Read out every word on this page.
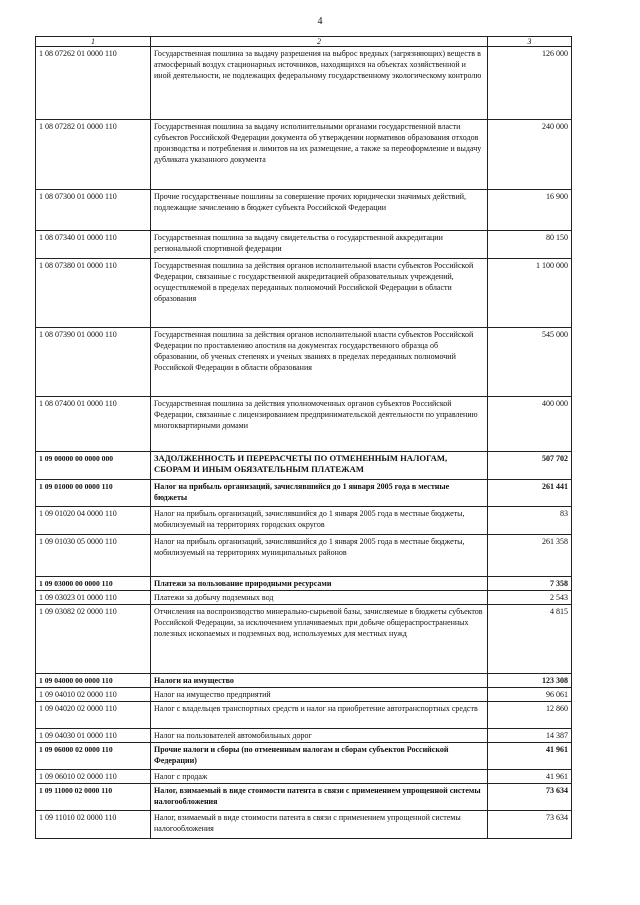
4
1	2	3
1 08 07262 01 0000 110	Государственная пошлина за выдачу разрешения на выброс вредных (загрязняющих) веществ в атмосферный воздух стационарных источников, находящихся на объектах хозяйственной и иной деятельности, не подлежащих федеральному государственному экологическому контролю	126 000
1 08 07282 01 0000 110	Государственная пошлина за выдачу исполнительными органами государственной власти субъектов Российской Федерации документа об утверждении нормативов образования отходов производства и потребления и лимитов на их размещение, а также за переоформление и выдачу дубликата указанного документа	240 000
1 08 07300 01 0000 110	Прочие государственные пошлины за совершение прочих юридически значимых действий, подлежащие зачислению в бюджет субъекта Российской Федерации	16 900
1 08 07340 01 0000 110	Государственная пошлина за выдачу свидетельства о государственной аккредитации региональной спортивной федерации	80 150
1 08 07380 01 0000 110	Государственная пошлина за действия органов исполнительной власти субъектов Российской Федерации, связанные с государственной аккредитацией образовательных учреждений, осуществляемой в пределах переданных полномочий Российской Федерации в области образования	1 100 000
1 08 07390 01 0000 110	Государственная пошлина за действия органов исполнительной власти субъектов Российской Федерации по проставлению апостиля на документах государственного образца об образовании, об ученых степенях и ученых званиях в пределах переданных полномочий Российской Федерации в области образования	545 000
1 08 07400 01 0000 110	Государственная пошлина за действия уполномоченных органов субъектов Российской Федерации, связанные с лицензированием предпринимательской деятельности по управлению многоквартирными домами	400 000
1 09 00000 00 0000 000	ЗАДОЛЖЕННОСТЬ И ПЕРЕРАСЧЕТЫ ПО ОТМЕНЕННЫМ НАЛОГАМ, СБОРАМ И ИНЫМ ОБЯЗАТЕЛЬНЫМ ПЛАТЕЖАМ	507 702
1 09 01000 00 0000 110	Налог на прибыль организаций, зачислявшийся до 1 января 2005 года в местные бюджеты	261 441
1 09 01020 04 0000 110	Налог на прибыль организаций, зачислявшийся до 1 января 2005 года в местные бюджеты, мобилизуемый на территориях городских округов	83
1 09 01030 05 0000 110	Налог на прибыль организаций, зачислявшийся до 1 января 2005 года в местные бюджеты, мобилизуемый на территориях муниципальных районов	261 358
1 09 03000 00 0000 110	Платежи за пользование природными ресурсами	7 358
1 09 03023 01 0000 110	Платежи за добычу подземных вод	2 543
1 09 03082 02 0000 110	Отчисления на воспроизводство минерально-сырьевой базы, зачисляемые в бюджеты субъектов Российской Федерации, за исключением уплачиваемых при добыче общераспространенных полезных ископаемых и подземных вод, используемых для местных нужд	4 815
1 09 04000 00 0000 110	Налоги на имущество	123 308
1 09 04010 02 0000 110	Налог на имущество предприятий	96 061
1 09 04020 02 0000 110	Налог с владельцев транспортных средств и налог на приобретение автотранспортных средств	12 860
1 09 04030 01 0000 110	Налог на пользователей автомобильных дорог	14 387
1 09 06000 02 0000 110	Прочие налоги и сборы (по отмененным налогам и сборам субъектов Российской Федерации)	41 961
1 09 06010 02 0000 110	Налог с продаж	41 961
1 09 11000 02 0000 110	Налог, взимаемый в виде стоимости патента в связи с применением упрощенной системы налогообложения	73 634
1 09 11010 02 0000 110	Налог, взимаемый в виде стоимости патента в связи с применением упрощенной системы налогообложения	73 634
